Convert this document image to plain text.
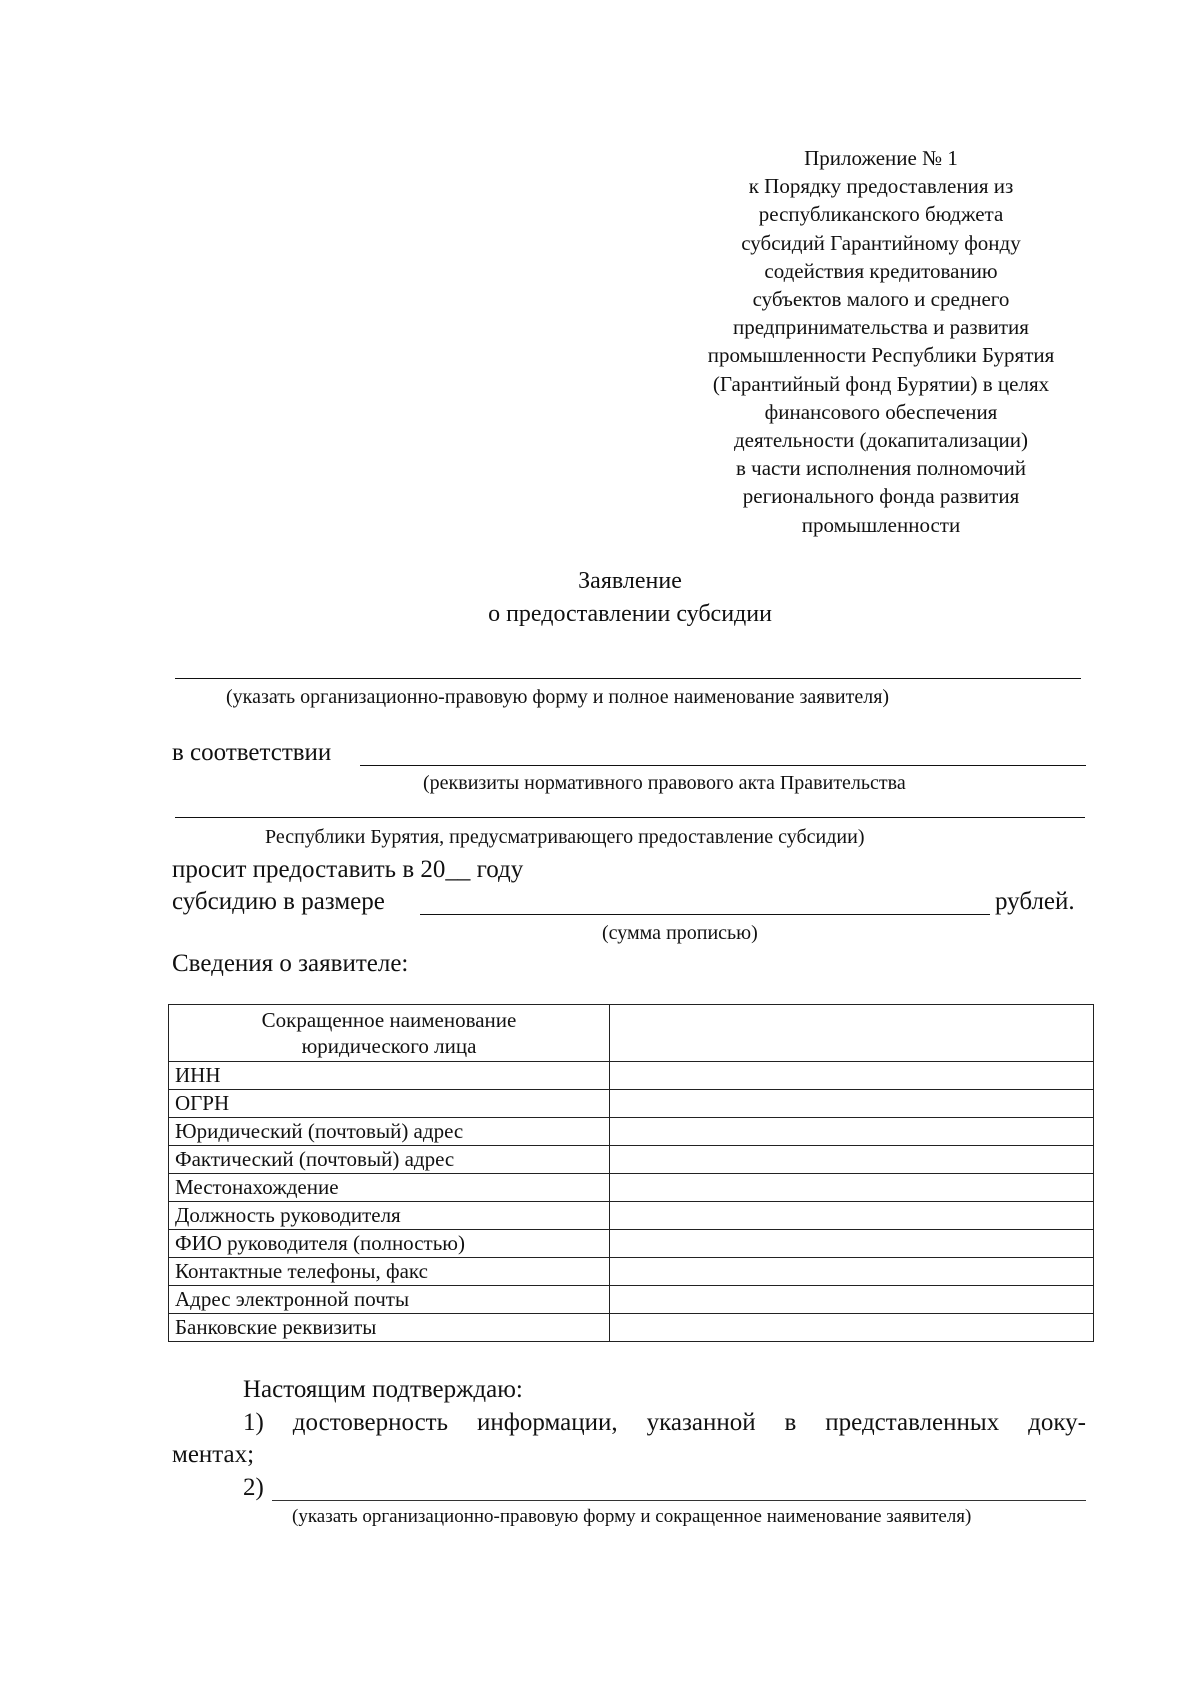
Приложение № 1
к Порядку предоставления из
республиканского бюджета
субсидий Гарантийному фонду
содействия кредитованию
субъектов малого и среднего
предпринимательства и развития
промышленности Республики Бурятия
(Гарантийный фонд Бурятии) в целях
финансового обеспечения
деятельности (докапитализации)
в части исполнения полномочий
регионального фонда развития
промышленности
Заявление
о предоставлении субсидии
(указать организационно-правовую форму и полное наименование заявителя)
в соответствии
(реквизиты нормативного правового акта Правительства
Республики Бурятия, предусматривающего предоставление субсидии)
просит предоставить в 20__ году
субсидию в размере	рублей.
(сумма прописью)
Сведения о заявителе:
Сокращенное наименование
юридического лица	

ИНН	
ОГРН	
Юридический (почтовый) адрес	
Фактический (почтовый) адрес	
Местонахождение	
Должность руководителя	
ФИО руководителя (полностью)	
Контактные телефоны, факс	
Адрес электронной почты	
Банковские реквизиты	
Настоящим подтверждаю:
1) достоверность информации, указанной в представленных доку-
ментах;
2)
(указать организационно-правовую форму и сокращенное наименование заявителя)
